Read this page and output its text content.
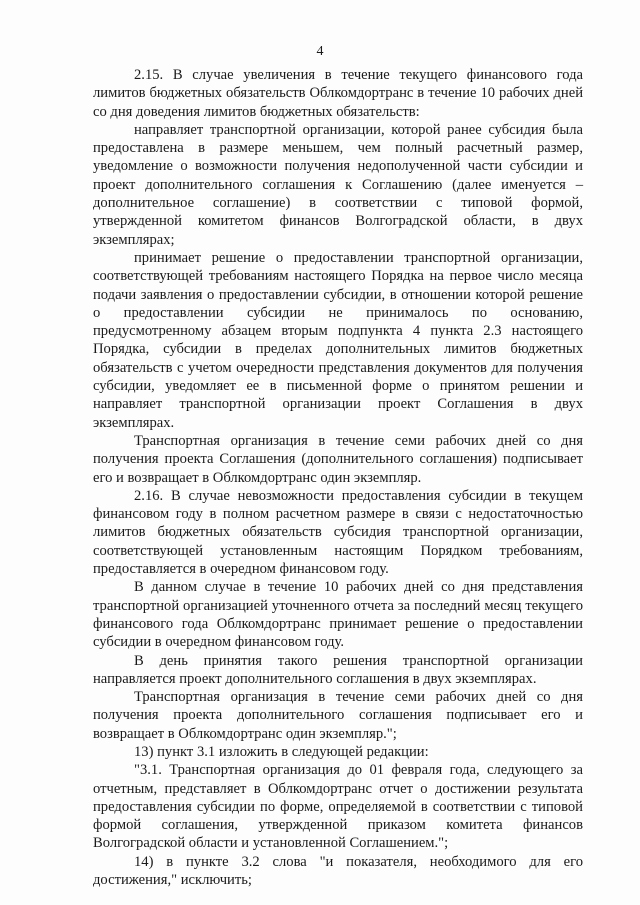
4

2.15. В случае увеличения в течение текущего финансового года лимитов бюджетных обязательств Облкомдортранс в течение 10 рабочих дней со дня доведения лимитов бюджетных обязательств:

направляет транспортной организации, которой ранее субсидия была предоставлена в размере меньшем, чем полный расчетный размер, уведомление о возможности получения недополученной части субсидии и проект дополнительного соглашения к Соглашению (далее именуется – дополнительное соглашение) в соответствии с типовой формой, утвержденной комитетом финансов Волгоградской области, в двух экземплярах;

принимает решение о предоставлении транспортной организации, соответствующей требованиям настоящего Порядка на первое число месяца подачи заявления о предоставлении субсидии, в отношении которой решение о предоставлении субсидии не принималось по основанию, предусмотренному абзацем вторым подпункта 4 пункта 2.3 настоящего Порядка, субсидии в пределах дополнительных лимитов бюджетных обязательств с учетом очередности представления документов для получения субсидии, уведомляет ее в письменной форме о принятом решении и направляет транспортной организации проект Соглашения в двух экземплярах.

Транспортная организация в течение семи рабочих дней со дня получения проекта Соглашения (дополнительного соглашения) подписывает его и возвращает в Облкомдортранс один экземпляр.

2.16. В случае невозможности предоставления субсидии в текущем финансовом году в полном расчетном размере в связи с недостаточностью лимитов бюджетных обязательств субсидия транспортной организации, соответствующей установленным настоящим Порядком требованиям, предоставляется в очередном финансовом году.

В данном случае в течение 10 рабочих дней со дня представления транспортной организацией уточненного отчета за последний месяц текущего финансового года Облкомдортранс принимает решение о предоставлении субсидии в очередном финансовом году.

В день принятия такого решения транспортной организации направляется проект дополнительного соглашения в двух экземплярах.

Транспортная организация в течение семи рабочих дней со дня получения проекта дополнительного соглашения подписывает его и возвращает в Облкомдортранс один экземпляр.";

13) пункт 3.1 изложить в следующей редакции:

"3.1. Транспортная организация до 01 февраля года, следующего за отчетным, представляет в Облкомдортранс отчет о достижении результата предоставления субсидии по форме, определяемой в соответствии с типовой формой соглашения, утвержденной приказом комитета финансов Волгоградской области и установленной Соглашением.";

14) в пункте 3.2 слова "и показателя, необходимого для его достижения," исключить;
